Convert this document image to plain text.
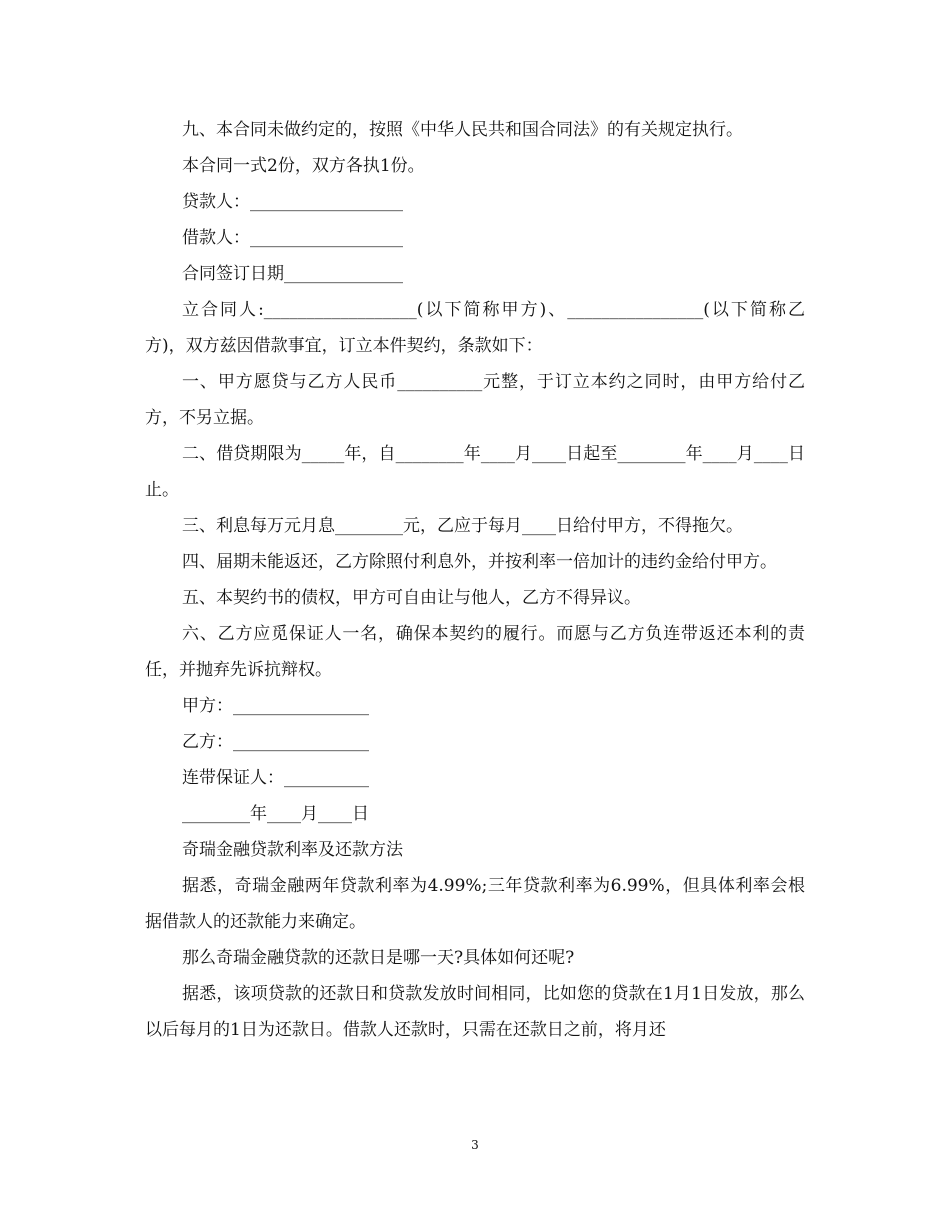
九、本合同未做约定的，按照《中华人民共和国合同法》的有关规定执行。

本合同一式2份，双方各执1份。

贷款人：__________________

借款人：__________________

合同签订日期______________

立合同人:__________________(以下简称甲方)、________________(以下简称乙方)，双方兹因借款事宜，订立本件契约，条款如下：

一、甲方愿贷与乙方人民币__________元整，于订立本约之同时，由甲方给付乙方，不另立据。

二、借贷期限为_____年，自________年____月____日起至________年____月____日止。

三、利息每万元月息________元，乙应于每月____日给付甲方，不得拖欠。

四、届期未能返还，乙方除照付利息外，并按利率一倍加计的违约金给付甲方。

五、本契约书的债权，甲方可自由让与他人，乙方不得异议。

六、乙方应觅保证人一名，确保本契约的履行。而愿与乙方负连带返还本利的责任，并抛弃先诉抗辩权。

甲方：________________

乙方：________________

连带保证人：__________

________年____月____日

奇瑞金融贷款利率及还款方法

据悉，奇瑞金融两年贷款利率为4.99%;三年贷款利率为6.99%，但具体利率会根据借款人的还款能力来确定。

那么奇瑞金融贷款的还款日是哪一天?具体如何还呢?

据悉，该项贷款的还款日和贷款发放时间相同，比如您的贷款在1月1日发放，那么以后每月的1日为还款日。借款人还款时，只需在还款日之前，将月还

3
